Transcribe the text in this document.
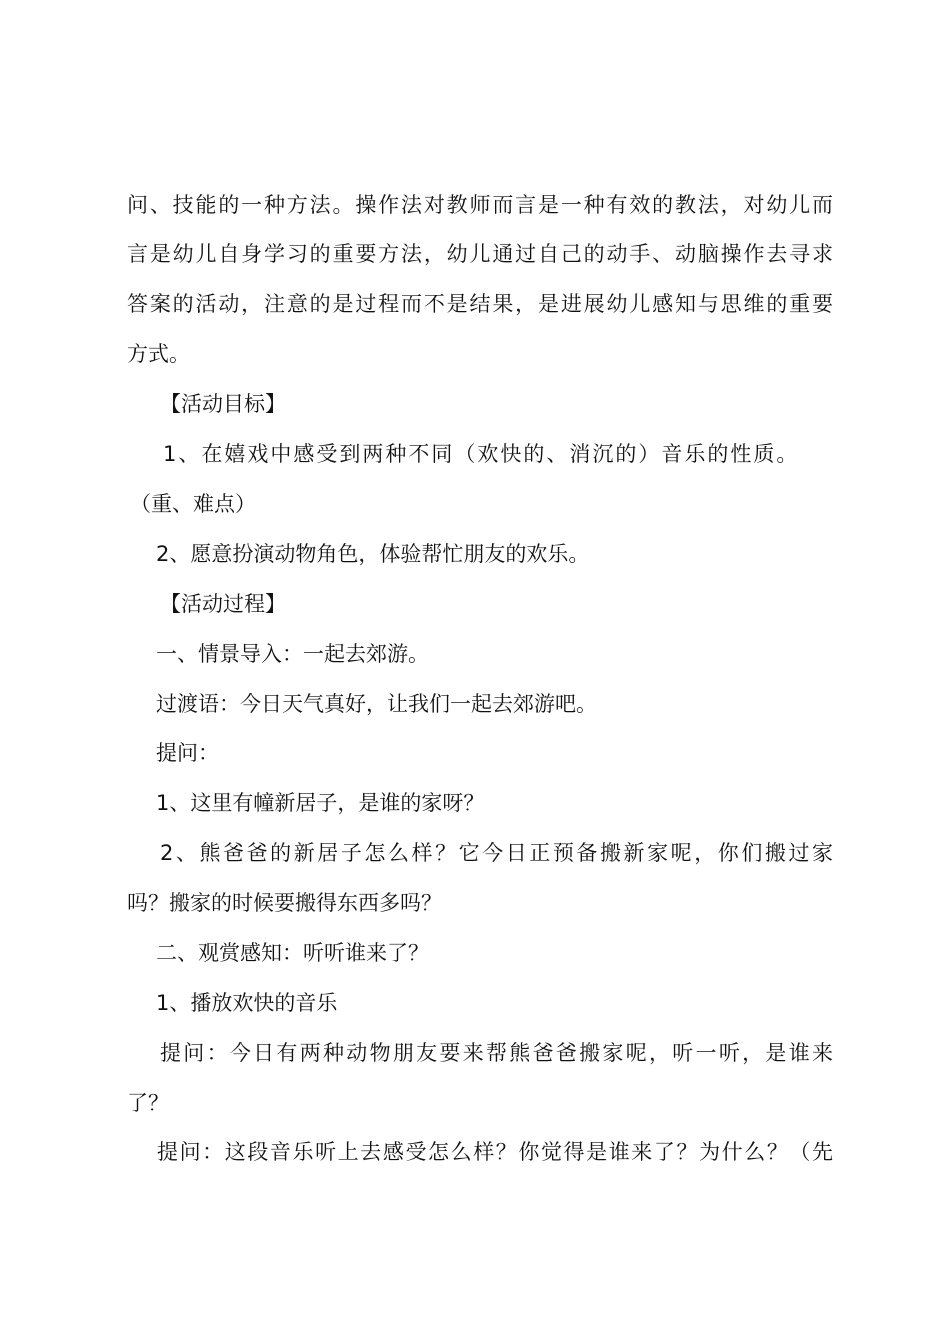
问、技能的一种方法。操作法对教师而言是一种有效的教法，对幼儿而
言是幼儿自身学习的重要方法，幼儿通过自己的动手、动脑操作去寻求
答案的活动，注意的是过程而不是结果，是进展幼儿感知与思维的重要
方式。
【活动目标】
1、在嬉戏中感受到两种不同（欢快的、消沉的）音乐的性质。
（重、难点）
2、愿意扮演动物角色，体验帮忙朋友的欢乐。
【活动过程】
一、情景导入：一起去郊游。
过渡语：今日天气真好，让我们一起去郊游吧。
提问：
1、这里有幢新居子，是谁的家呀？
2、熊爸爸的新居子怎么样？它今日正预备搬新家呢，你们搬过家
吗？搬家的时候要搬得东西多吗？
二、观赏感知：听听谁来了？
1、播放欢快的音乐
提问：今日有两种动物朋友要来帮熊爸爸搬家呢，听一听，是谁来
了？
提问：这段音乐听上去感受怎么样？你觉得是谁来了？为什么？（先
